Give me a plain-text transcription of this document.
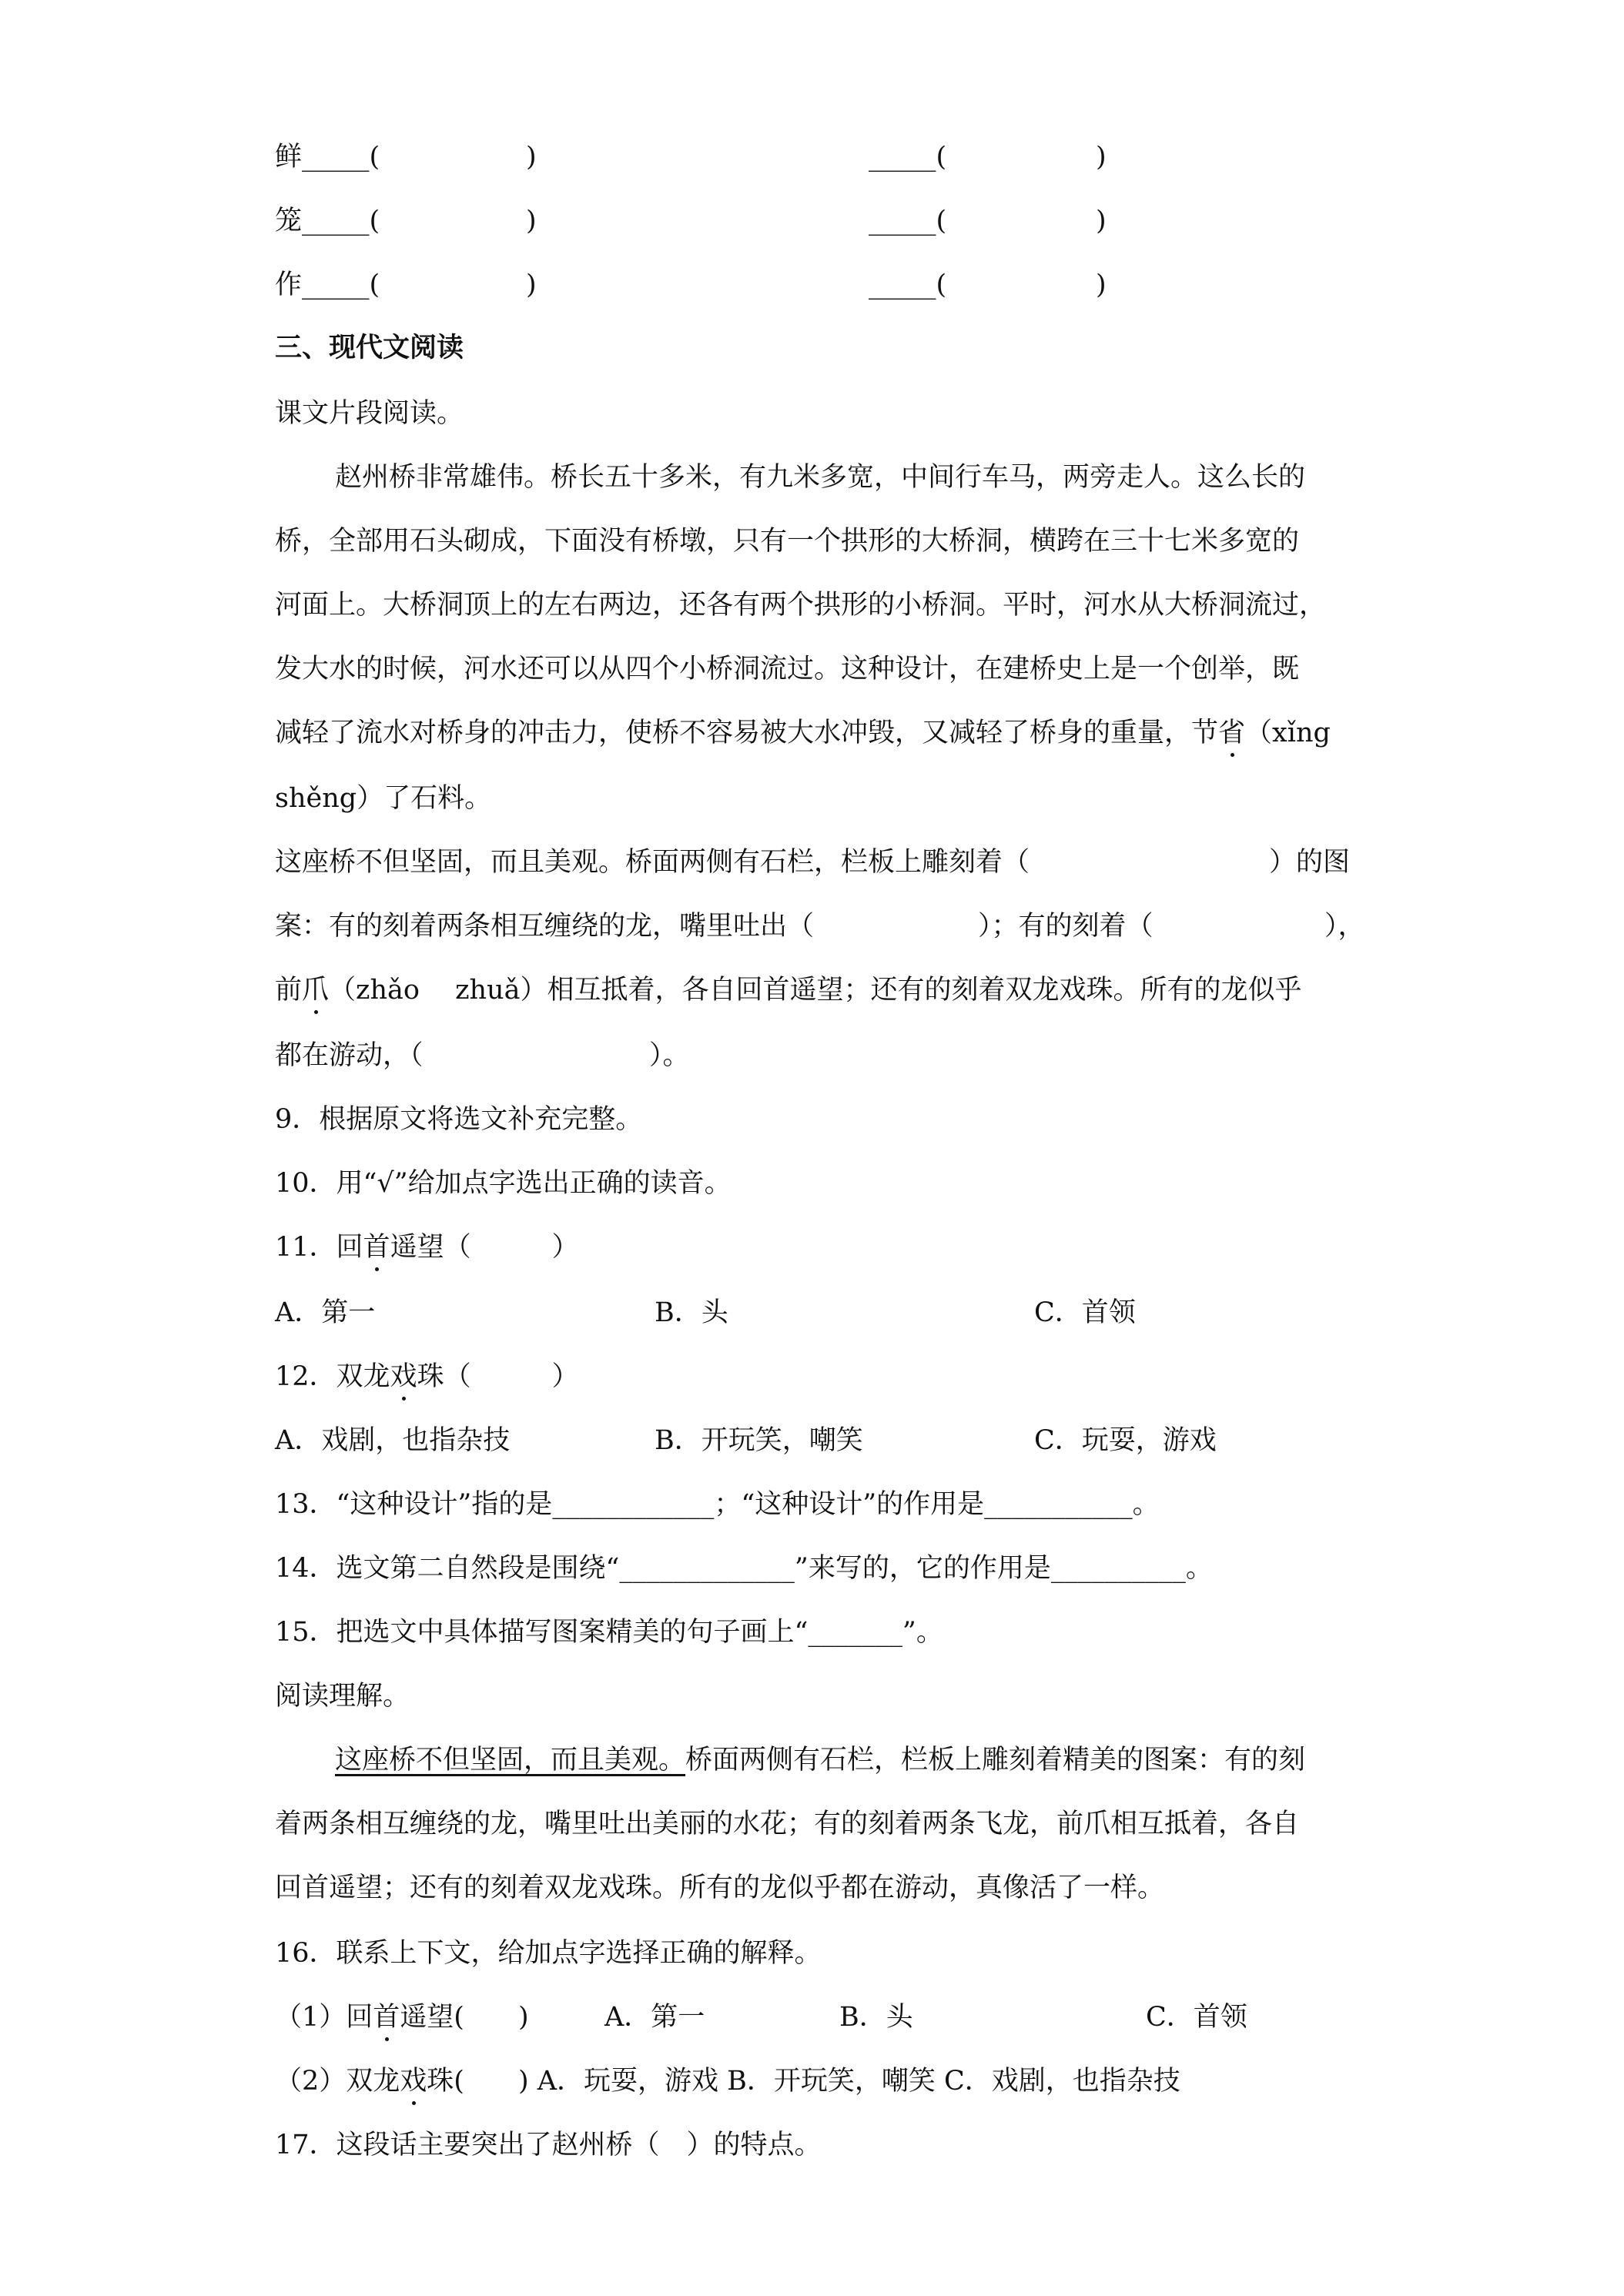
鲜_____(	)	_____(	)
笼_____(	)	_____(	)
作_____(	)	_____(	)
三、现代文阅读
课文片段阅读。
赵州桥非常雄伟。桥长五十多米，有九米多宽，中间行车马，两旁走人。这么长的
桥，全部用石头砌成，下面没有桥墩，只有一个拱形的大桥洞，横跨在三十七米多宽的
河面上。大桥洞顶上的左右两边，还各有两个拱形的小桥洞。平时，河水从大桥洞流过，
发大水的时候，河水还可以从四个小桥洞流过。这种设计，在建桥史上是一个创举，既
减轻了流水对桥身的冲击力，使桥不容易被大水冲毁，又减轻了桥身的重量，节省（xǐng
shěng）了石料。
这座桥不但坚固，而且美观。桥面两侧有石栏，栏板上雕刻着（	）的图
案：有的刻着两条相互缠绕的龙，嘴里吐出（	）；有的刻着（	），
前爪（zhǎo　 zhuǎ）相互抵着，各自回首遥望；还有的刻着双龙戏珠。所有的龙似乎
都在游动，（	）。
9．根据原文将选文补充完整。
10．用“√”给加点字选出正确的读音。
11．回首遥望（　　　）
A．第一	B．头	C．首领
12．双龙戏珠（　　　）
A．戏剧，也指杂技	B．开玩笑，嘲笑	C．玩耍，游戏
13．“这种设计”指的是____________；“这种设计”的作用是___________。
14．选文第二自然段是围绕“_____________”来写的，它的作用是__________。
15．把选文中具体描写图案精美的句子画上“_______”。
阅读理解。
这座桥不但坚固，而且美观。桥面两侧有石栏，栏板上雕刻着精美的图案：有的刻
着两条相互缠绕的龙，嘴里吐出美丽的水花；有的刻着两条飞龙，前爪相互抵着，各自
回首遥望；还有的刻着双龙戏珠。所有的龙似乎都在游动，真像活了一样。
16．联系上下文，给加点字选择正确的解释。
（1）回首遥望(　　)	A．第一	B．头	C．首领
（2）双龙戏珠(　　) A．玩耍，游戏 B．开玩笑，嘲笑 C．戏剧，也指杂技
17．这段话主要突出了赵州桥（　）的特点。
